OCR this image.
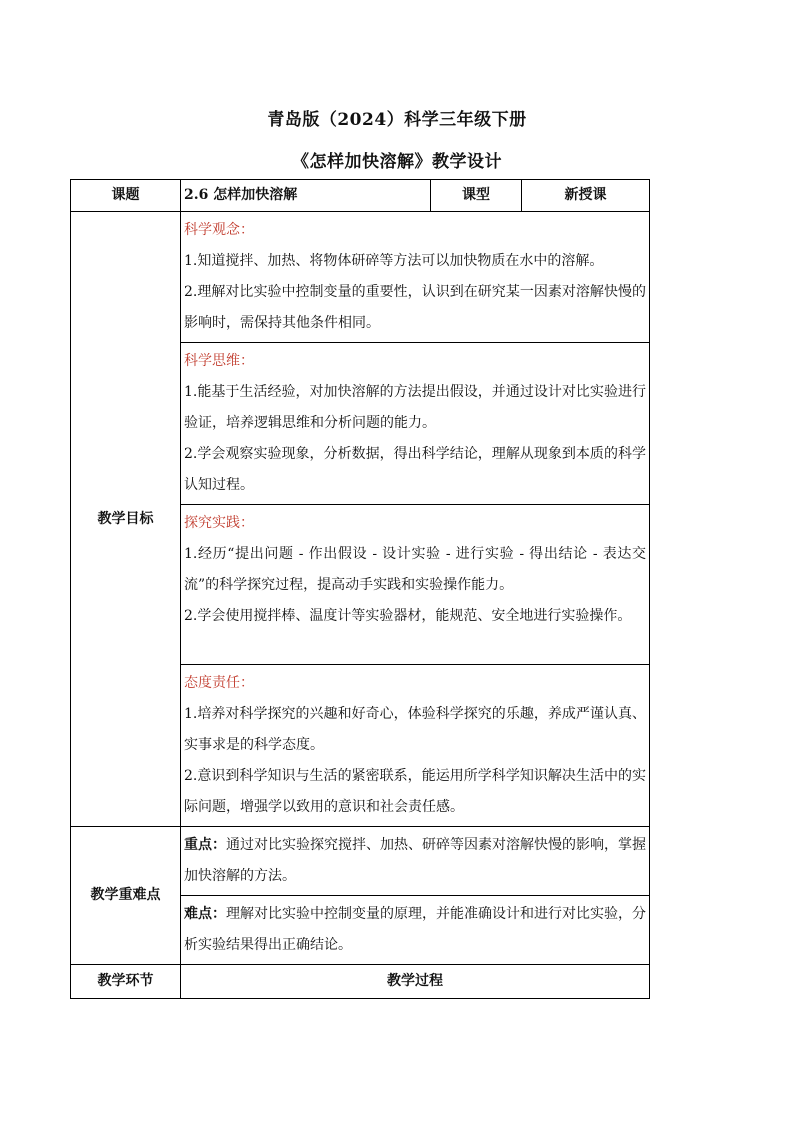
青岛版（2024）科学三年级下册
《怎样加快溶解》教学设计
课题	2.6 怎样加快溶解	课型	新授课
教学目标	科学观念：
1.知道搅拌、加热、将物体研碎等方法可以加快物质在水中的溶解。
2.理解对比实验中控制变量的重要性，认识到在研究某一因素对溶解快慢的影响时，需保持其他条件相同。		

	科学思维：
1.能基于生活经验，对加快溶解的方法提出假设，并通过设计对比实验进行验证，培养逻辑思维和分析问题的能力。
2.学会观察实验现象，分析数据，得出科学结论，理解从现象到本质的科学认知过程。		

	探究实践：
1.经历“提出问题 - 作出假设 - 设计实验 - 进行实验 - 得出结论 - 表达交流”的科学探究过程，提高动手实践和实验操作能力。
2.学会使用搅拌棒、温度计等实验器材，能规范、安全地进行实验操作。		

	态度责任：
1.培养对科学探究的兴趣和好奇心，体验科学探究的乐趣，养成严谨认真、实事求是的科学态度。
2.意识到科学知识与生活的紧密联系，能运用所学科学知识解决生活中的实际问题，增强学以致用的意识和社会责任感。		

教学重难点	重点：通过对比实验探究搅拌、加热、研碎等因素对溶解快慢的影响，掌握加快溶解的方法。		

	难点：理解对比实验中控制变量的原理，并能准确设计和进行对比实验，分析实验结果得出正确结论。		

教学环节	教学过程		
